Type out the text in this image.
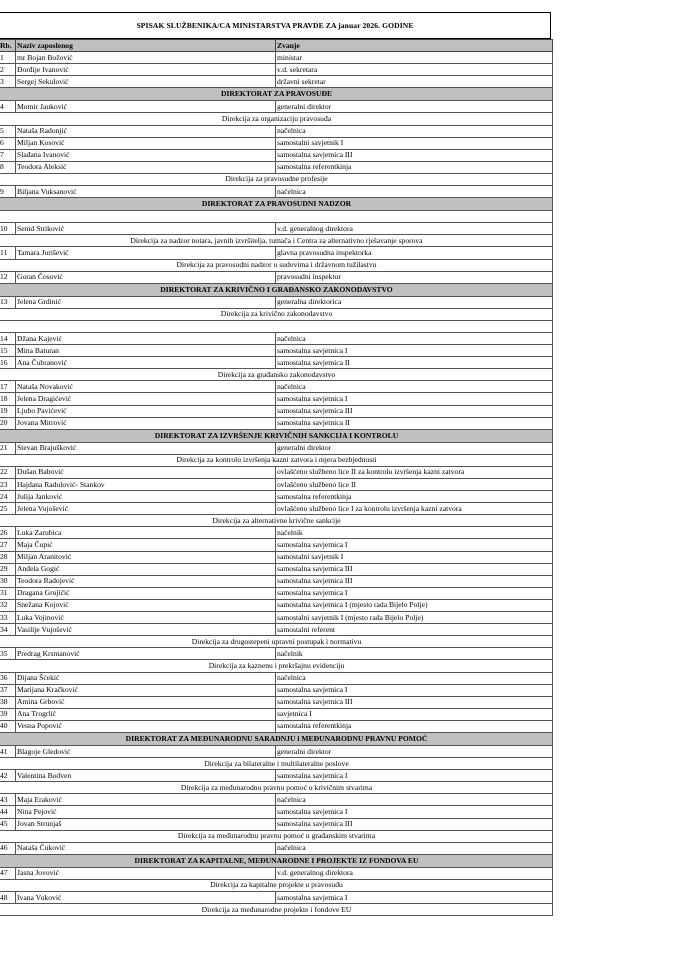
SPISAK SLUŽBENIKA/CA MINISTARSTVA PRAVDE ZA januar 2026. GODINE
Rb.	Naziv zaposlenog	Zvanje
1	mr Bojan Božović	ministar
2	Đorđije Ivanović	v.d. sekretara
3	Sergej Sekulović	državni sekretar
DIREKTORAT ZA PRAVOSUĐE		
4	Momir Jauković	generalni direktor
Direkcija za organizaciju pravosuđa		
5	Nataša Radonjić	načelnica
6	Miljan Kosović	samostalni savjetnik I
7	Slađana Ivanović	samostalna savjetnica III
8	Teodora Aleksić	samostalna referentkinja
Direkcija za pravosudne profesije		
9	Biljana Vuksanović	načelnica
DIREKTORAT ZA PRAVOSUDNI NADZOR		

10	Senid Striković	v.d. generalnog direktora
Direkcija za nadzor notara, javnih izvršitelja, tumača i Centra za alternativno rješavanje sporova		
11	Tamara Jurišević	glavna pravosudna inspektorka
Direkcija za pravosudni nadzor u sudovima i državnom tužilastvu		
12	Goran Čosović	pravosudni inspektor
DIREKTORAT ZA KRIVIČNO I GRAĐANSKO ZAKONODAVSTVO		
13	Jelena Grdinić	generalna direktorica
Direkcija za krivično zakonodavstvo		

14	Džana Kajević	načelnica
15	Mina Baturan	samostalna savjetnica I
16	Ana Čubranović	samostalna savjetnica II
Direkcija za građansko zakonodavstvo		
17	Nataša Novaković	načelnica
18	Jelena Dragićević	samostalna savjetnica I
19	Ljubo Pavićević	samostalna savjetnica III
20	Jovana Mitrović	samostalna savjetnica II
DIREKTORAT ZA IZVRŠENJE KRIVIČNIH SANKCIJA I KONTROLU		
21	Stevan Brajušković	generalni direktor
Direkcija za kontrolu izvršenja kazni zatvora i mjera bezbjednosti		
22	Dušan Babović	ovlašćeno službeno lice II za kontrolu izvršenja kazni zatvora
23	Hajdana Radulović- Stankov	ovlašćeno službeno lice II
24	Julija Janković	samostalna referentkinja
25	Jelena Vujošević	ovlašćeno službeno lice I za kontrolu izvršenja kazni zatvora
Direkcija za alternativne krivične sankcije		
26	Luka Zarubica	načelnik
27	Maja Čupić	samostalna savjetnica I
28	Miljan Aranitović	samostalni savjetnik I
29	Anđela Gogić	samostalna savjetnica III
30	Teodora Radojević	samostalna savjetnica III
31	Dragana Grujičić	samostalna savjetnica I
32	Snežana Kojović	samostalna savjetnica I (mjesto rada Bijelo Polje)
33	Luka Vojinović	samostalni savjetnik I (mjesto rada Bijelo Polje)
34	Vasilije Vujošević	samostalni referent
Direkcija za drugostepeni upravni postupak i normativu		
35	Predrag Krsmanović	načelnik
Direkcija za kaznenu i prekršajnu evidenciju		
36	Dijana Šćekić	načelnica
37	Marijana Kračković	samostalna savjetnica I
38	Amina Grbović	samostalna savjetnica III
39	Ana Trogrlić	savjetnica I
40	Vesna Popović	samostalna referentkinja
DIREKTORAT ZA MEĐUNARODNU SARADNJU i MEĐUNARODNU PRAVNU POMOĆ		
41	Blagoje Gledović	generalni direktor
Direkcija za bilateralne i multilateralne poslove		
42	Valentina Bodven	samostalna savjetnica I
Direkcija za međunarodnu pravnu pomoć u krivičnim stvarima		
43	Maja Eraković	načelnica
44	Nina Pejović	samostalna savjetnica I
45	Jovan Strunjaš	samostalna savjetnica III
Direkcija za međunarodnu pravnu pomoć u građanskim stvarima		
46	Nataša Čuković	načelnica
DIREKTORAT ZA KAPITALNE, MEĐUNARODNE I PROJEKTE IZ FONDOVA EU		
47	Jasna Jovović	v.d. generalnog direktora
Direkcija za kapitalne projekte u pravosuđu		
48	Ivana Vuković	samostalna savjetnica I
Direkcija za međunarodne projekte i fondove EU		
